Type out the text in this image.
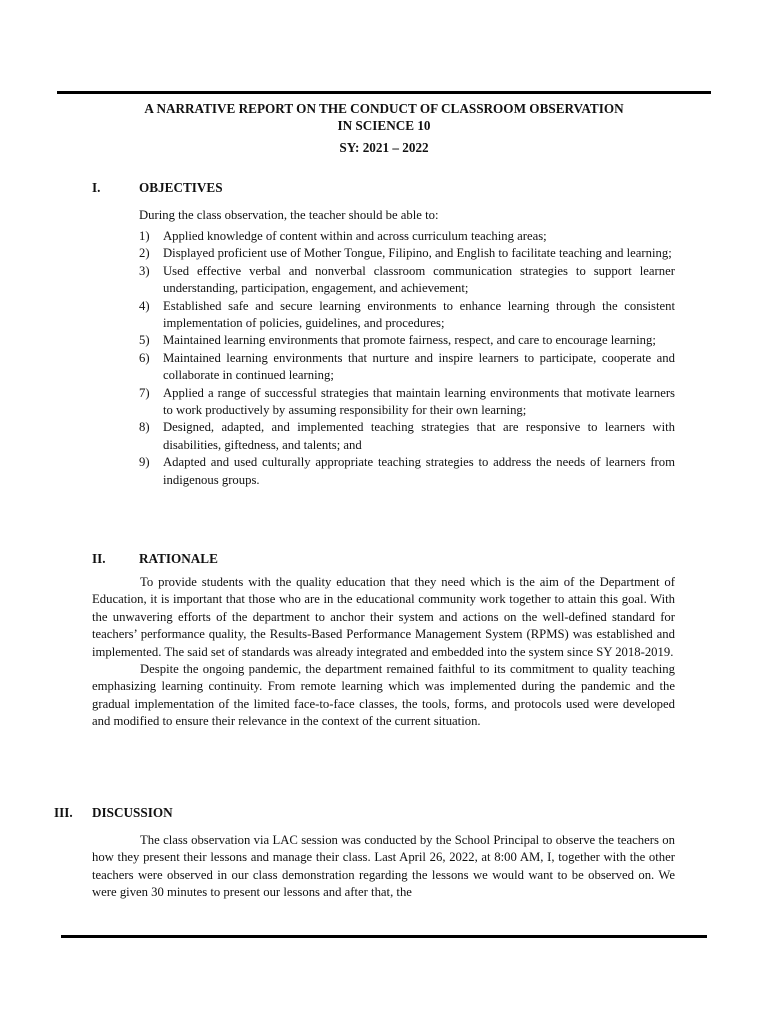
A NARRATIVE REPORT ON THE CONDUCT OF CLASSROOM OBSERVATION
IN SCIENCE 10
SY: 2021 – 2022
I.	OBJECTIVES
During the class observation, the teacher should be able to:
1) Applied knowledge of content within and across curriculum teaching areas;
2) Displayed proficient use of Mother Tongue, Filipino, and English to facilitate teaching and learning;
3) Used effective verbal and nonverbal classroom communication strategies to support learner understanding, participation, engagement, and achievement;
4) Established safe and secure learning environments to enhance learning through the consistent implementation of policies, guidelines, and procedures;
5) Maintained learning environments that promote fairness, respect, and care to encourage learning;
6) Maintained learning environments that nurture and inspire learners to participate, cooperate and collaborate in continued learning;
7) Applied a range of successful strategies that maintain learning environments that motivate learners to work productively by assuming responsibility for their own learning;
8) Designed, adapted, and implemented teaching strategies that are responsive to learners with disabilities, giftedness, and talents; and
9) Adapted and used culturally appropriate teaching strategies to address the needs of learners from indigenous groups.
II.	RATIONALE

To provide students with the quality education that they need which is the aim of the Department of Education, it is important that those who are in the educational community work together to attain this goal. With the unwavering efforts of the department to anchor their system and actions on the well-defined standard for teachers’ performance quality, the Results-Based Performance Management System (RPMS) was established and implemented. The said set of standards was already integrated and embedded into the system since SY 2018-2019.

Despite the ongoing pandemic, the department remained faithful to its commitment to quality teaching emphasizing learning continuity. From remote learning which was implemented during the pandemic and the gradual implementation of the limited face-to-face classes, the tools, forms, and protocols used were developed and modified to ensure their relevance in the context of the current situation.

III. DISCUSSION

The class observation via LAC session was conducted by the School Principal to observe the teachers on how they present their lessons and manage their class. Last April 26, 2022, at 8:00 AM, I, together with the other teachers were observed in our class demonstration regarding the lessons we would want to be observed on. We were given 30 minutes to present our lessons and after that, the
